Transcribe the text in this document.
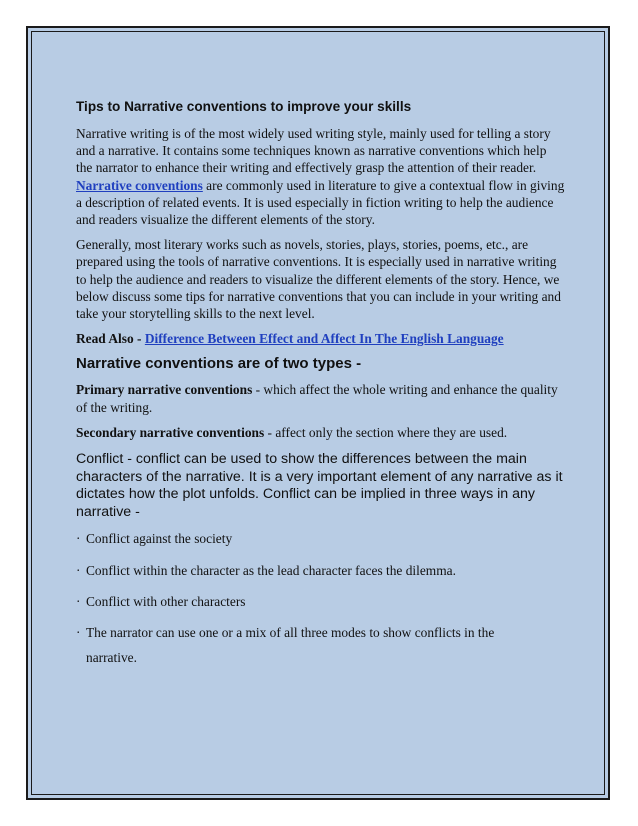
Tips to Narrative conventions to improve your skills

Narrative writing is of the most widely used writing style, mainly used for telling a story and a narrative. It contains some techniques known as narrative conventions which help the narrator to enhance their writing and effectively grasp the attention of their reader. Narrative conventions are commonly used in literature to give a contextual flow in giving a description of related events. It is used especially in fiction writing to help the audience and readers visualize the different elements of the story.

Generally, most literary works such as novels, stories, plays, stories, poems, etc., are prepared using the tools of narrative conventions. It is especially used in narrative writing to help the audience and readers to visualize the different elements of the story. Hence, we below discuss some tips for narrative conventions that you can include in your writing and take your storytelling skills to the next level.

Read Also - Difference Between Effect and Affect In The English Language

Narrative conventions are of two types -

Primary narrative conventions - which affect the whole writing and enhance the quality of the writing.

Secondary narrative conventions - affect only the section where they are used.

Conflict - conflict can be used to show the differences between the main characters of the narrative. It is a very important element of any narrative as it dictates how the plot unfolds. Conflict can be implied in three ways in any narrative -

· Conflict against the society
· Conflict within the character as the lead character faces the dilemma.
· Conflict with other characters
· The narrator can use one or a mix of all three modes to show conflicts in the
narrative.
